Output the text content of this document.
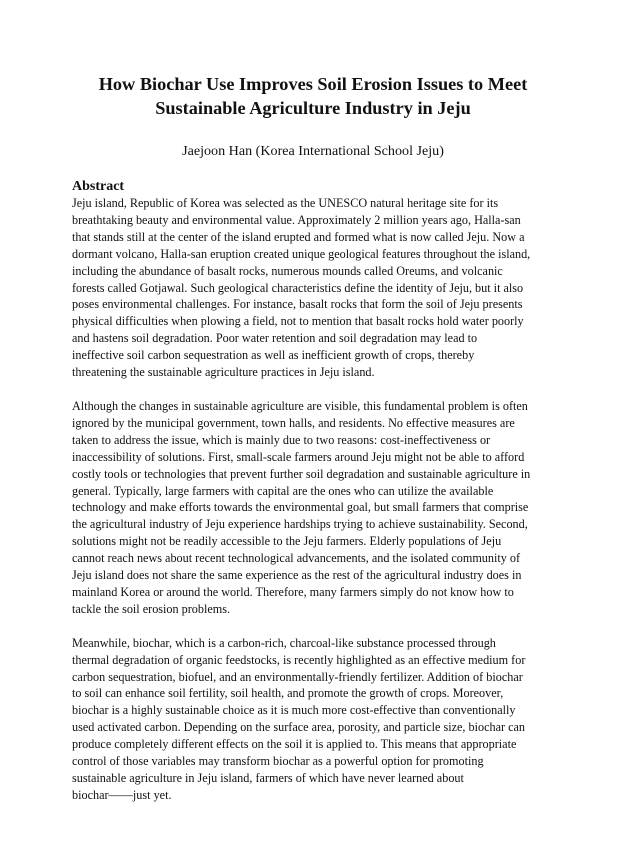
How Biochar Use Improves Soil Erosion Issues to Meet
Sustainable Agriculture Industry in Jeju

Jaejoon Han (Korea International School Jeju)

Abstract

Jeju island, Republic of Korea was selected as the UNESCO natural heritage site for its
breathtaking beauty and environmental value. Approximately 2 million years ago, Halla-san
that stands still at the center of the island erupted and formed what is now called Jeju. Now a
dormant volcano, Halla-san eruption created unique geological features throughout the island,
including the abundance of basalt rocks, numerous mounds called Oreums, and volcanic
forests called Gotjawal. Such geological characteristics define the identity of Jeju, but it also
poses environmental challenges. For instance, basalt rocks that form the soil of Jeju presents
physical difficulties when plowing a field, not to mention that basalt rocks hold water poorly
and hastens soil degradation. Poor water retention and soil degradation may lead to
ineffective soil carbon sequestration as well as inefficient growth of crops, thereby
threatening the sustainable agriculture practices in Jeju island.

Although the changes in sustainable agriculture are visible, this fundamental problem is often
ignored by the municipal government, town halls, and residents. No effective measures are
taken to address the issue, which is mainly due to two reasons: cost-ineffectiveness or
inaccessibility of solutions. First, small-scale farmers around Jeju might not be able to afford
costly tools or technologies that prevent further soil degradation and sustainable agriculture in
general. Typically, large farmers with capital are the ones who can utilize the available
technology and make efforts towards the environmental goal, but small farmers that comprise
the agricultural industry of Jeju experience hardships trying to achieve sustainability. Second,
solutions might not be readily accessible to the Jeju farmers. Elderly populations of Jeju
cannot reach news about recent technological advancements, and the isolated community of
Jeju island does not share the same experience as the rest of the agricultural industry does in
mainland Korea or around the world. Therefore, many farmers simply do not know how to
tackle the soil erosion problems.

Meanwhile, biochar, which is a carbon-rich, charcoal-like substance processed through
thermal degradation of organic feedstocks, is recently highlighted as an effective medium for
carbon sequestration, biofuel, and an environmentally-friendly fertilizer. Addition of biochar
to soil can enhance soil fertility, soil health, and promote the growth of crops. Moreover,
biochar is a highly sustainable choice as it is much more cost-effective than conventionally
used activated carbon. Depending on the surface area, porosity, and particle size, biochar can
produce completely different effects on the soil it is applied to. This means that appropriate
control of those variables may transform biochar as a powerful option for promoting
sustainable agriculture in Jeju island, farmers of which have never learned about
biochar——just yet.
